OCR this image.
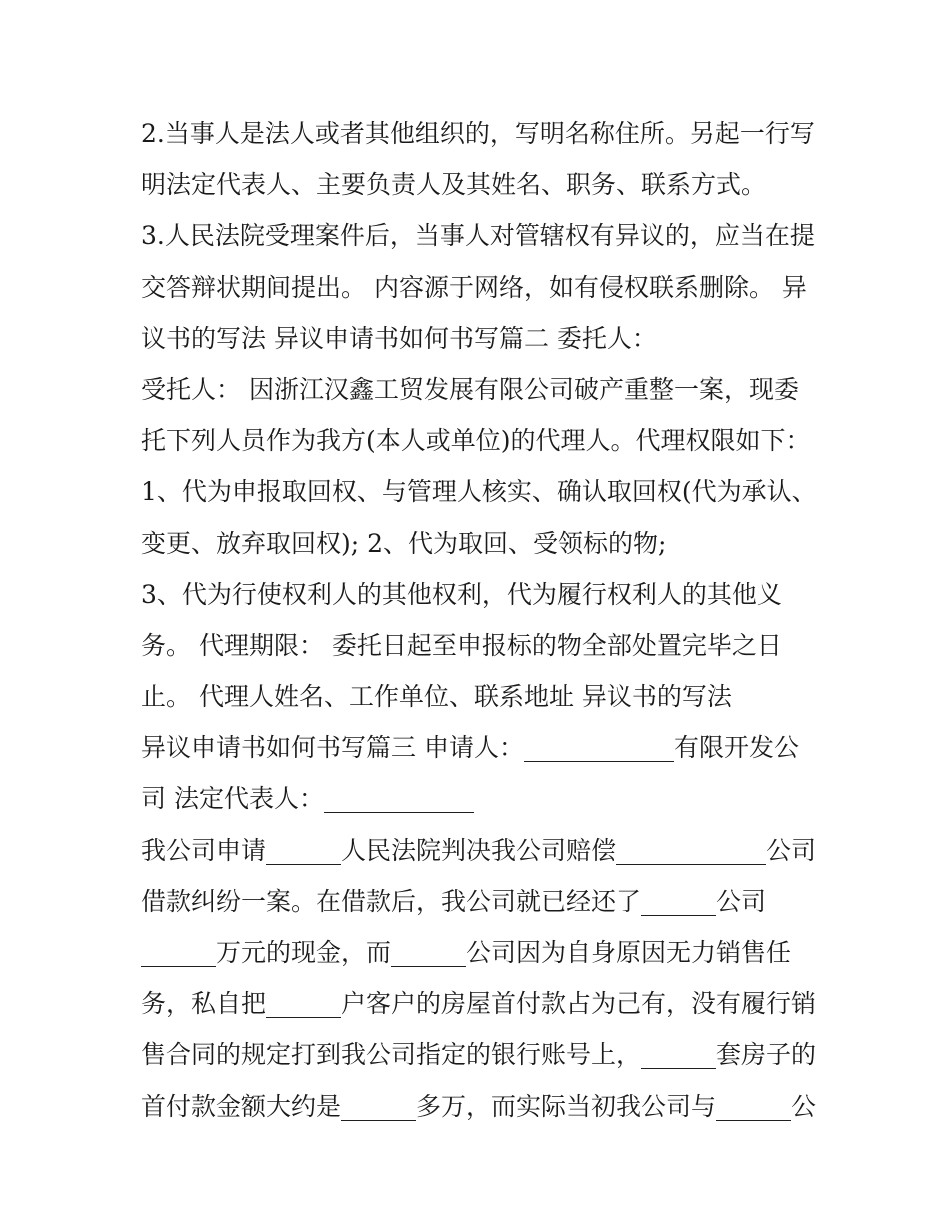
2.当事人是法人或者其他组织的，写明名称住所。另起一行写
明法定代表人、主要负责人及其姓名、职务、联系方式。
3.人民法院受理案件后，当事人对管辖权有异议的，应当在提
交答辩状期间提出。 内容源于网络，如有侵权联系删除。 异
议书的写法 异议申请书如何书写篇二 委托人：
受托人： 因浙江汉鑫工贸发展有限公司破产重整一案，现委
托下列人员作为我方(本人或单位)的代理人。代理权限如下：
1、代为申报取回权、与管理人核实、确认取回权(代为承认、
变更、放弃取回权); 2、代为取回、受领标的物;
3、代为行使权利人的其他权利，代为履行权利人的其他义
务。 代理期限： 委托日起至申报标的物全部处置完毕之日
止。 代理人姓名、工作单位、联系地址 异议书的写法
异议申请书如何书写篇三 申请人：____________有限开发公
司 法定代表人：____________
我公司申请______人民法院判决我公司赔偿____________公司
借款纠纷一案。在借款后，我公司就已经还了______公司
______万元的现金，而______公司因为自身原因无力销售任
务，私自把______户客户的房屋首付款占为己有，没有履行销
售合同的规定打到我公司指定的银行账号上，______套房子的
首付款金额大约是______多万，而实际当初我公司与______公
